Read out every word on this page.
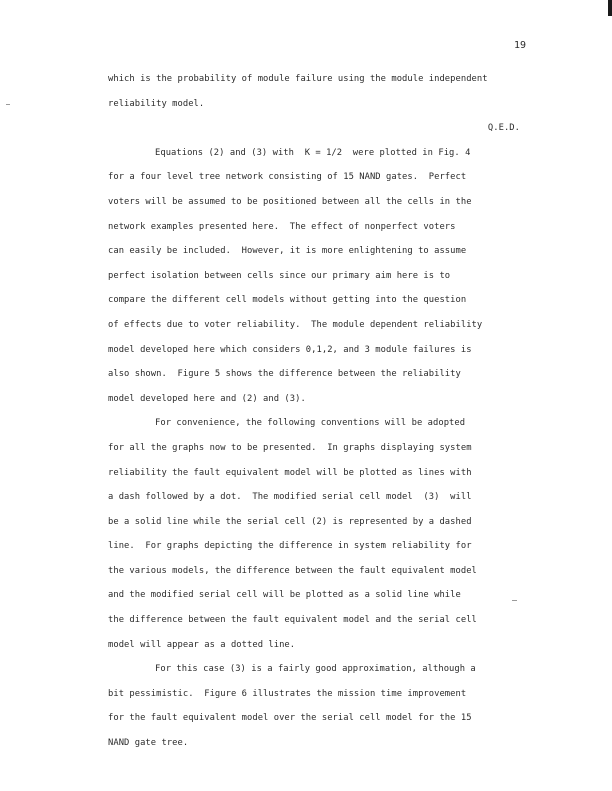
19
which is the probability of module failure using the module independent
reliability model.
Q.E.D.
Equations (2) and (3) with  K = 1/2  were plotted in Fig. 4
for a four level tree network consisting of 15 NAND gates.  Perfect
voters will be assumed to be positioned between all the cells in the
network examples presented here.  The effect of nonperfect voters
can easily be included.  However, it is more enlightening to assume
perfect isolation between cells since our primary aim here is to
compare the different cell models without getting into the question
of effects due to voter reliability.  The module dependent reliability
model developed here which considers 0,1,2, and 3 module failures is
also shown.  Figure 5 shows the difference between the reliability
model developed here and (2) and (3).
For convenience, the following conventions will be adopted
for all the graphs now to be presented.  In graphs displaying system
reliability the fault equivalent model will be plotted as lines with
a dash followed by a dot.  The modified serial cell model  (3)  will
be a solid line while the serial cell (2) is represented by a dashed
line.  For graphs depicting the difference in system reliability for
the various models, the difference between the fault equivalent model
and the modified serial cell will be plotted as a solid line while
the difference between the fault equivalent model and the serial cell
model will appear as a dotted line.
For this case (3) is a fairly good approximation, although a
bit pessimistic.  Figure 6 illustrates the mission time improvement
for the fault equivalent model over the serial cell model for the 15
NAND gate tree.
